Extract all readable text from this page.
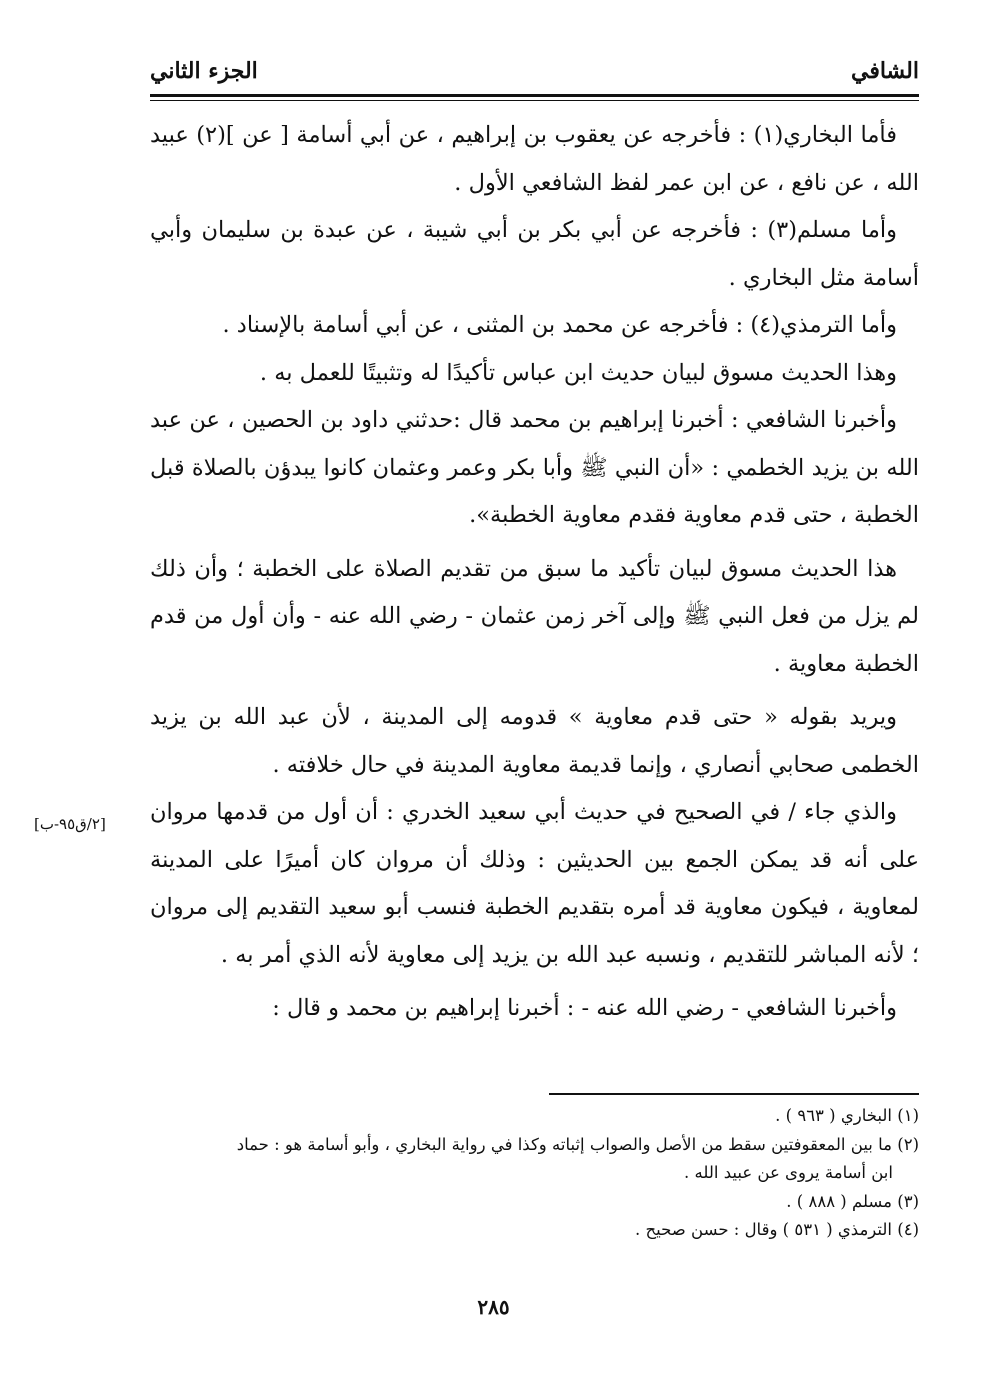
الشافي
الجزء الثاني

فأما البخاري(١) : فأخرجه عن يعقوب بن إبراهيم ، عن أبي أسامة [ عن ](٢) عبيد الله ، عن نافع ، عن ابن عمر لفظ الشافعي الأول .

وأما مسلم(٣) : فأخرجه عن أبي بكر بن أبي شيبة ، عن عبدة بن سليمان وأبي أسامة مثل البخاري .

وأما الترمذي(٤) : فأخرجه عن محمد بن المثنى ، عن أبي أسامة بالإسناد .

وهذا الحديث مسوق لبيان حديث ابن عباس تأكيدًا له وتثبيتًا للعمل به .

وأخبرنا الشافعي : أخبرنا إبراهيم بن محمد قال :حدثني داود بن الحصين ، عن عبد الله بن يزيد الخطمي : «أن النبي ﷺ وأبا بكر وعمر وعثمان كانوا يبدؤن بالصلاة قبل الخطبة ، حتى قدم معاوية فقدم معاوية الخطبة».

هذا الحديث مسوق لبيان تأكيد ما سبق من تقديم الصلاة على الخطبة ؛ وأن ذلك لم يزل من فعل النبي ﷺ وإلى آخر زمن عثمان - رضي الله عنه - وأن أول من قدم الخطبة معاوية .

ويريد بقوله « حتى قدم معاوية » قدومه إلى المدينة ، لأن عبد الله بن يزيد الخطمى صحابي أنصاري ، وإنما قديمة معاوية المدينة في حال خلافته .

والذي جاء / في الصحيح في حديث أبي سعيد الخدري : أن أول من قدمها مروان على أنه قد يمكن الجمع بين الحديثين : وذلك أن مروان كان أميرًا على المدينة لمعاوية ، فيكون معاوية قد أمره بتقديم الخطبة فنسب أبو سعيد التقديم إلى مروان ؛ لأنه المباشر للتقديم ، ونسبه عبد الله بن يزيد إلى معاوية لأنه الذي أمر به .

وأخبرنا الشافعي - رضي الله عنه - : أخبرنا إبراهيم بن محمد و قال :

[٢/ق٩٥-ب]

(١) البخاري ( ٩٦٣ ) .

(٢) ما بين المعقوفتين سقط من الأصل والصواب إثباته وكذا في رواية البخاري ، وأبو أسامة هو : حماد

ابن أسامة يروى عن عبيد الله .

(٣) مسلم ( ٨٨٨ ) .

(٤) الترمذي ( ٥٣١ ) وقال : حسن صحيح .

٢٨٥
